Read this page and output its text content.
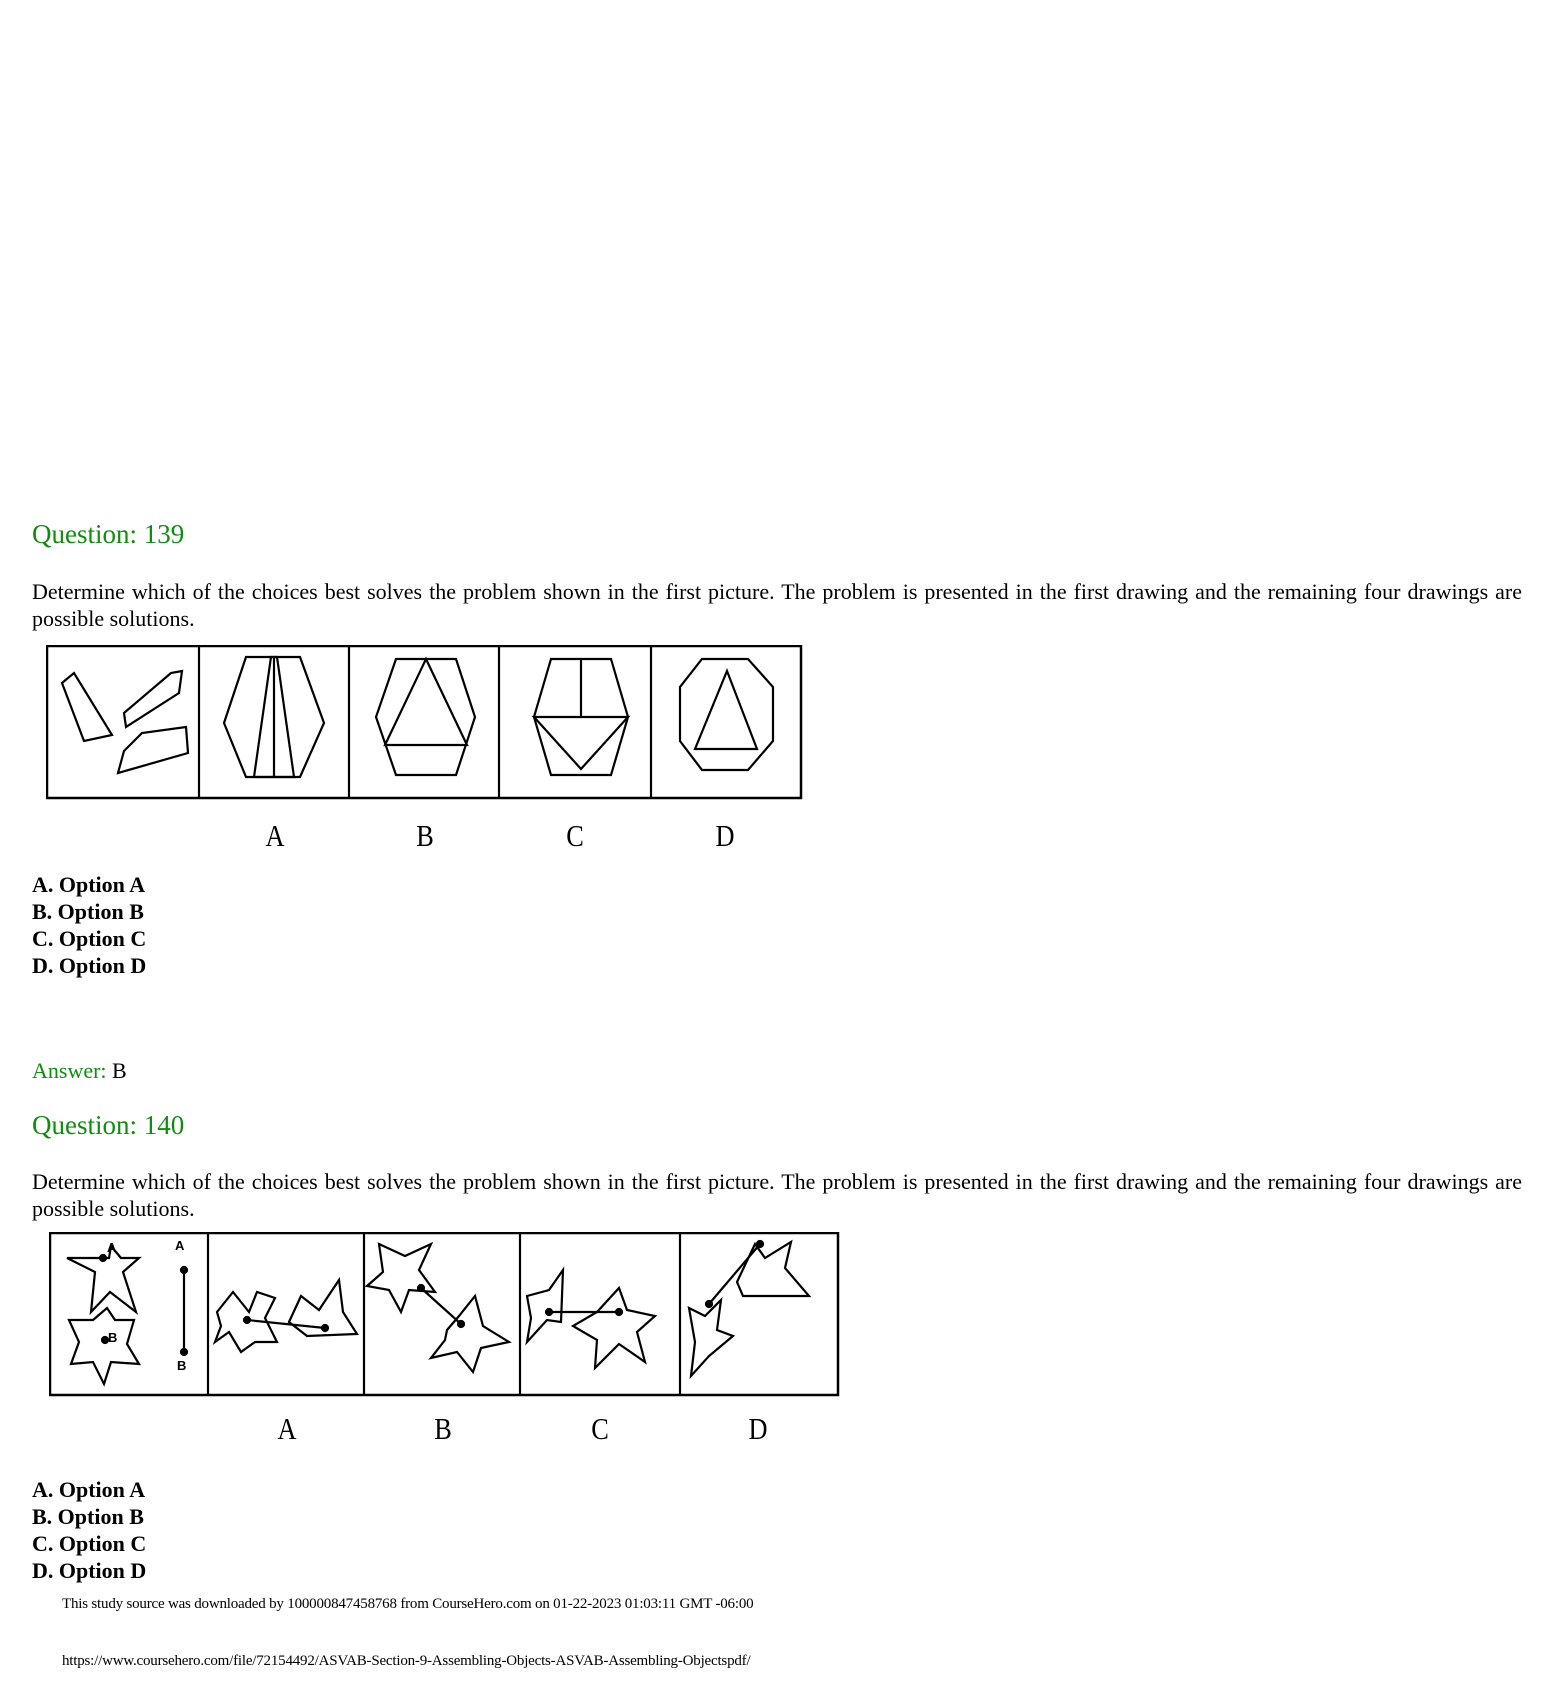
Question: 139
Determine which of the choices best solves the problem shown in the first picture. The problem is presented in the first drawing and the remaining four drawings are possible solutions.
A	B	C	D
A. Option A
B. Option B
C. Option C
D. Option D
Answer: B
Question: 140
Determine which of the choices best solves the problem shown in the first picture. The problem is presented in the first drawing and the remaining four drawings are possible solutions.
A
A
B
B
A	B	C	D
A. Option A
B. Option B
C. Option C
D. Option D
This study source was downloaded by 100000847458768 from CourseHero.com on 01-22-2023 01:03:11 GMT -06:00
https://www.coursehero.com/file/72154492/ASVAB-Section-9-Assembling-Objects-ASVAB-Assembling-Objectspdf/
